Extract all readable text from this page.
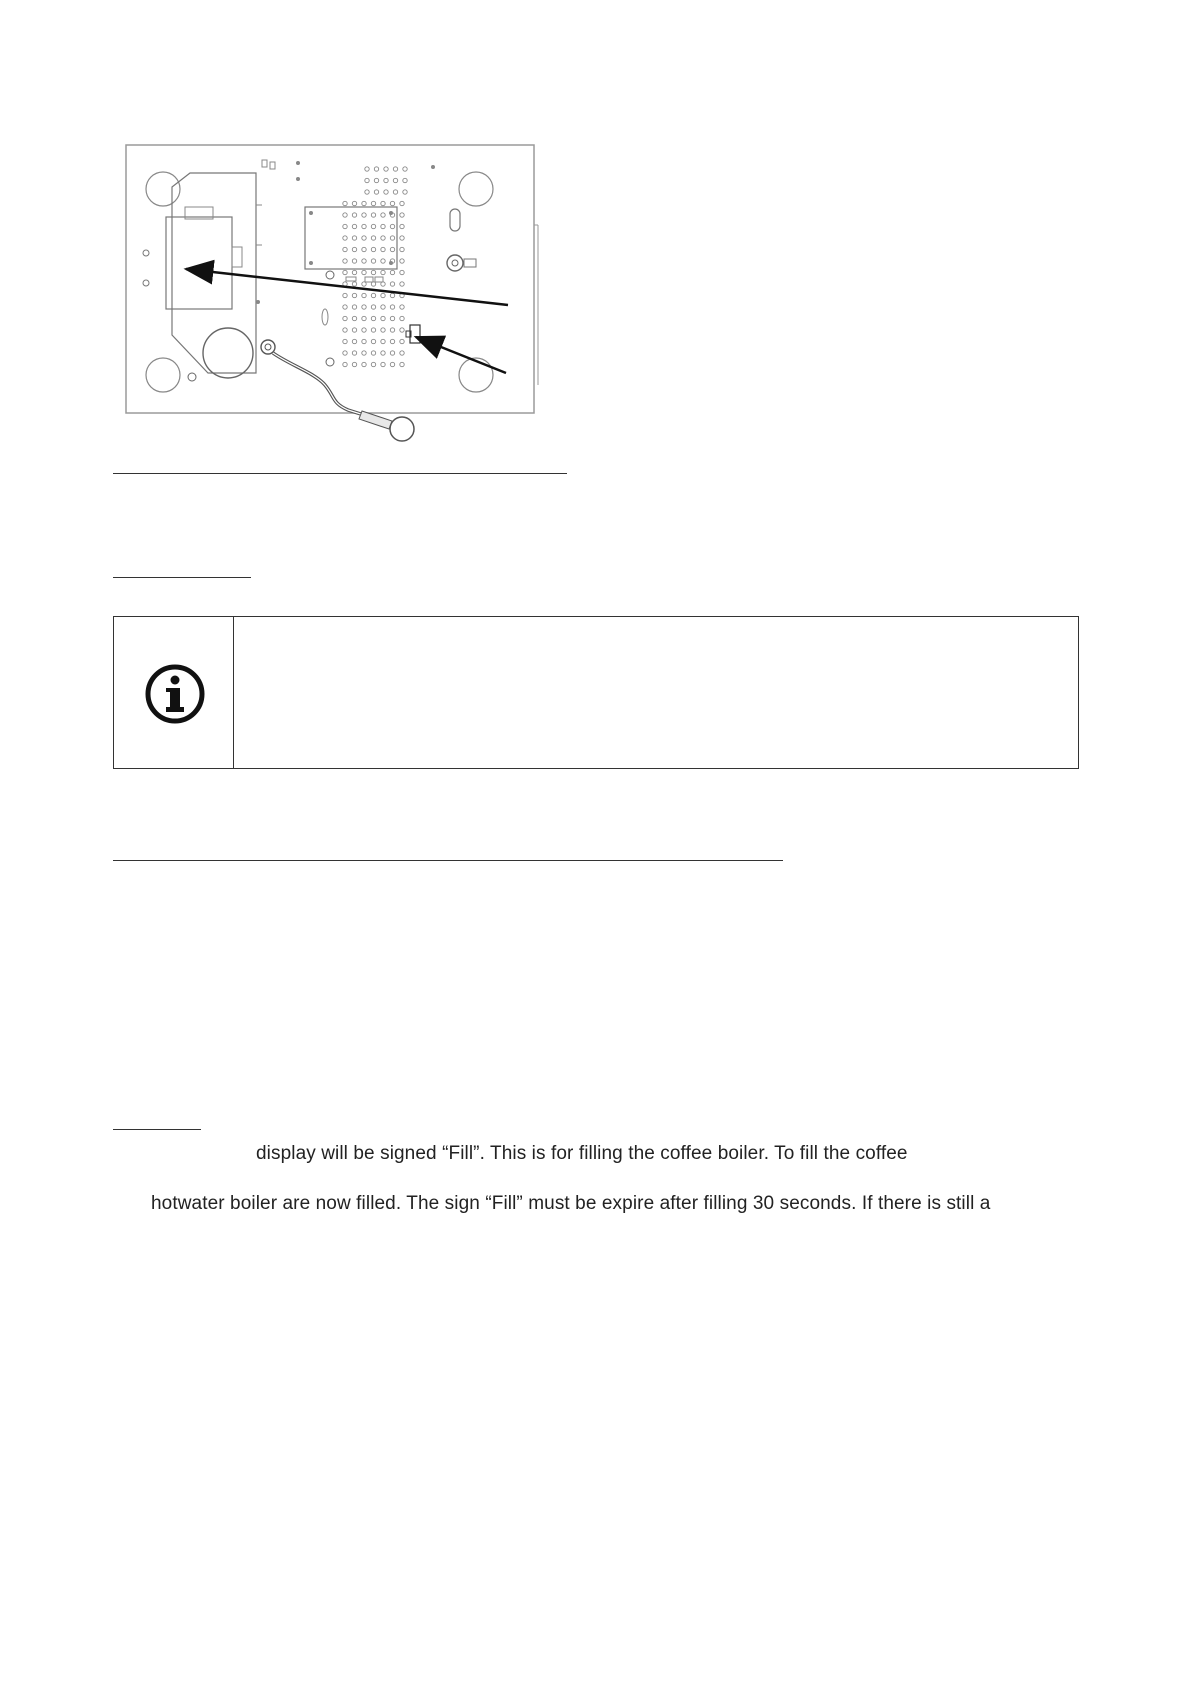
display will be signed “Fill”. This is for filling the coffee boiler. To fill the coffee
hotwater boiler are now filled. The sign “Fill” must be expire after filling 30 seconds. If there is still a
